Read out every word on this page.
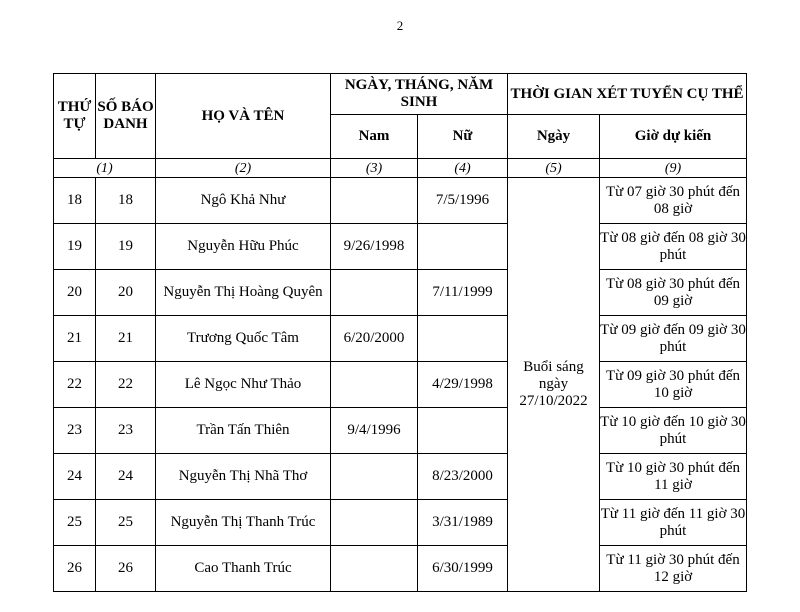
2
THỨ TỰ	SỐ BÁO DANH	HỌ VÀ TÊN	NGÀY, THÁNG, NĂM SINH		THỜI GIAN XÉT TUYỂN CỤ THỂ	
			Nam	Nữ	Ngày	Giờ dự kiến
(1)		(2)	(3)	(4)	(5)	(9)
18	18	Ngô Khả Như		7/5/1996	Buổi sáng ngày 27/10/2022	Từ 07 giờ 30 phút đến 08 giờ
19	19	Nguyễn Hữu Phúc	9/26/1998			Từ 08 giờ đến 08 giờ 30 phút
20	20	Nguyễn Thị Hoàng Quyên		7/11/1999		Từ 08 giờ 30 phút đến 09 giờ
21	21	Trương Quốc Tâm	6/20/2000			Từ 09 giờ đến 09 giờ 30 phút
22	22	Lê Ngọc Như Thảo		4/29/1998		Từ 09 giờ 30 phút đến 10 giờ
23	23	Trần Tấn Thiên	9/4/1996			Từ 10 giờ đến 10 giờ 30 phút
24	24	Nguyễn Thị Nhã Thơ		8/23/2000		Từ 10 giờ 30 phút đến 11 giờ
25	25	Nguyễn Thị Thanh Trúc		3/31/1989		Từ 11 giờ đến 11 giờ 30 phút
26	26	Cao Thanh Trúc		6/30/1999		Từ 11 giờ 30 phút đến 12 giờ
